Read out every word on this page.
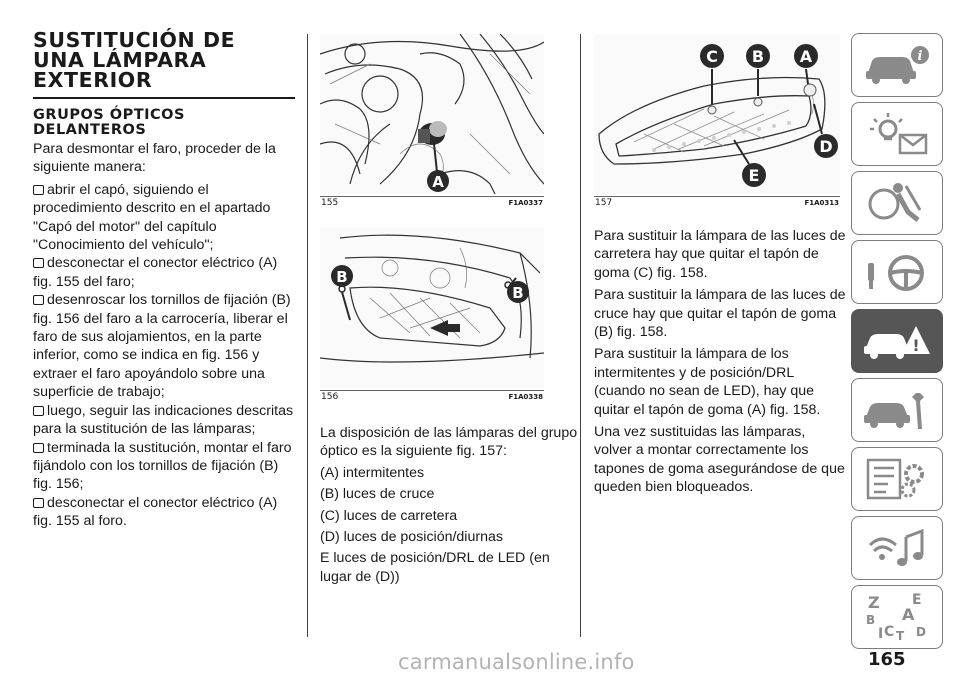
SUSTITUCIÓN DE
UNA LÁMPARA
EXTERIOR
GRUPOS ÓPTICOS
DELANTEROS

Para desmontar el faro, proceder de la siguiente manera:

abrir el capó, siguiendo el procedimiento descrito en el apartado "Capó del motor" del capítulo "Conocimiento del vehículo";
desconectar el conector eléctrico (A) fig. 155 del faro;
desenroscar los tornillos de fijación (B) fig. 156 del faro a la carrocería, liberar el faro de sus alojamientos, en la parte inferior, como se indica en fig. 156 y extraer el faro apoyándolo sobre una superficie de trabajo;
luego, seguir las indicaciones descritas para la sustitución de las lámparas;
terminada la sustitución, montar el faro fijándolo con los tornillos de fijación (B) fig. 156;
desconectar el conector eléctrico (A) fig. 155 al foro.
A
155	F1A0337
B
B
156	F1A0338
C B A
D
E
157	F1A0313

La disposición de las lámparas del grupo óptico es la siguiente fig. 157:

(A) intermitentes

(B) luces de cruce

(C) luces de carretera

(D) luces de posición/diurnas

E luces de posición/DRL de LED (en lugar de (D))

Para sustituir la lámpara de las luces de carretera hay que quitar el tapón de goma (C) fig. 158.

Para sustituir la lámpara de las luces de cruce hay que quitar el tapón de goma (B) fig. 158.

Para sustituir la lámpara de los intermitentes y de posición/DRL (cuando no sean de LED), hay que quitar el tapón de goma (A) fig. 158.

Una vez sustituidas las lámparas, volver a montar correctamente los tapones de goma asegurándose de que queden bien bloqueados.

i
!
Z E
A
B
C T D
I
165
carmanualsonline.info
